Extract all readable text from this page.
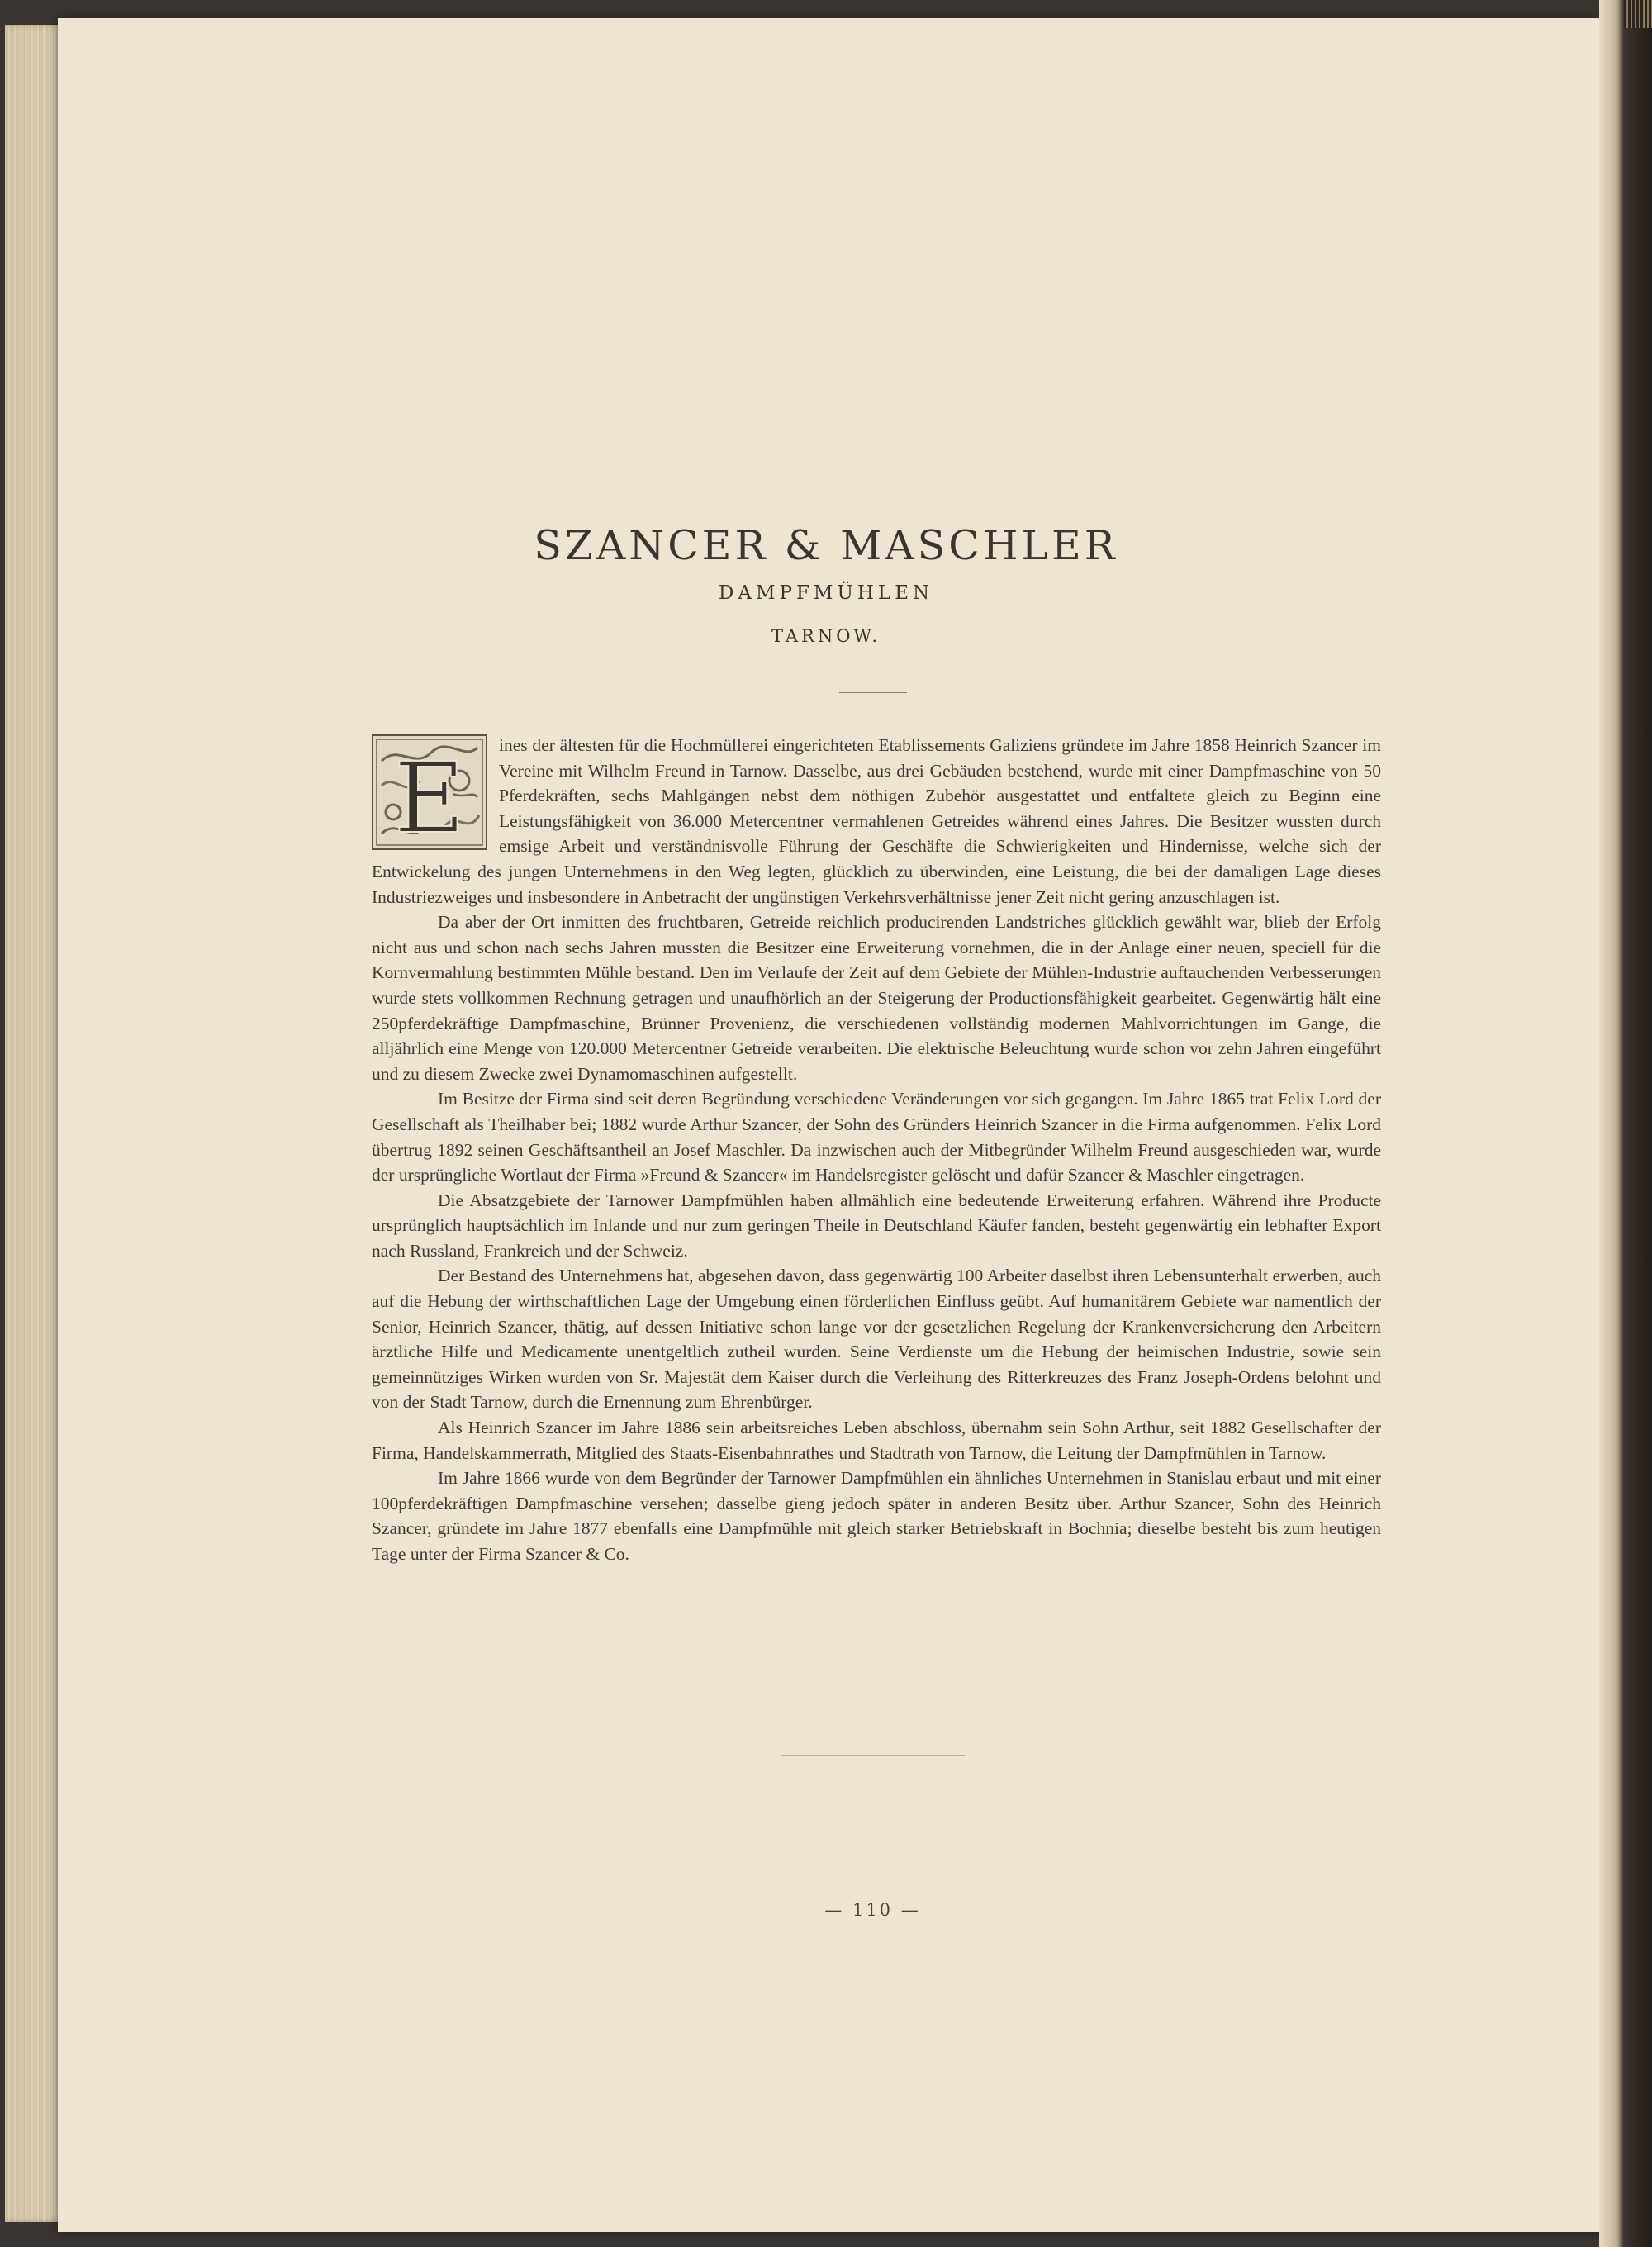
SZANCER & MASCHLER
DAMPFMÜHLEN
TARNOW.

E ines der ältesten für die Hochmüllerei eingerichteten Etablissements Galiziens gründete im Jahre 1858 Heinrich Szancer im Vereine mit Wilhelm Freund in Tarnow. Dasselbe, aus drei Gebäuden bestehend, wurde mit einer Dampfmaschine von 50 Pferdekräften, sechs Mahlgängen nebst dem nöthigen Zubehör ausgestattet und entfaltete gleich zu Beginn eine Leistungsfähigkeit von 36.000 Metercentner vermahlenen Getreides während eines Jahres. Die Besitzer wussten durch emsige Arbeit und verständnisvolle Führung der Geschäfte die Schwierigkeiten und Hindernisse, welche sich der Entwickelung des jungen Unternehmens in den Weg legten, glücklich zu überwinden, eine Leistung, die bei der damaligen Lage dieses Industriezweiges und insbesondere in Anbetracht der ungünstigen Verkehrsverhältnisse jener Zeit nicht gering anzuschlagen ist.

Da aber der Ort inmitten des fruchtbaren, Getreide reichlich producirenden Landstriches glücklich gewählt war, blieb der Erfolg nicht aus und schon nach sechs Jahren mussten die Besitzer eine Erweiterung vornehmen, die in der Anlage einer neuen, speciell für die Kornvermahlung bestimmten Mühle bestand. Den im Verlaufe der Zeit auf dem Gebiete der Mühlen-Industrie auftauchenden Verbesserungen wurde stets vollkommen Rechnung getragen und unaufhörlich an der Steigerung der Productionsfähigkeit gearbeitet. Gegenwärtig hält eine 250pferdekräftige Dampfmaschine, Brünner Provenienz, die verschiedenen vollständig modernen Mahlvorrichtungen im Gange, die alljährlich eine Menge von 120.000 Metercentner Getreide verarbeiten. Die elektrische Beleuchtung wurde schon vor zehn Jahren eingeführt und zu diesem Zwecke zwei Dynamomaschinen aufgestellt.

Im Besitze der Firma sind seit deren Begründung verschiedene Veränderungen vor sich gegangen. Im Jahre 1865 trat Felix Lord der Gesellschaft als Theilhaber bei; 1882 wurde Arthur Szancer, der Sohn des Gründers Heinrich Szancer in die Firma aufgenommen. Felix Lord übertrug 1892 seinen Geschäftsantheil an Josef Maschler. Da inzwischen auch der Mitbegründer Wilhelm Freund ausgeschieden war, wurde der ursprüngliche Wortlaut der Firma »Freund & Szancer« im Handelsregister gelöscht und dafür Szancer & Maschler eingetragen.

Die Absatzgebiete der Tarnower Dampfmühlen haben allmählich eine bedeutende Erweiterung erfahren. Während ihre Producte ursprünglich hauptsächlich im Inlande und nur zum geringen Theile in Deutschland Käufer fanden, besteht gegenwärtig ein lebhafter Export nach Russland, Frankreich und der Schweiz.

Der Bestand des Unternehmens hat, abgesehen davon, dass gegenwärtig 100 Arbeiter daselbst ihren Lebensunterhalt erwerben, auch auf die Hebung der wirthschaftlichen Lage der Umgebung einen förderlichen Einfluss geübt. Auf humanitärem Gebiete war namentlich der Senior, Heinrich Szancer, thätig, auf dessen Initiative schon lange vor der gesetzlichen Regelung der Krankenversicherung den Arbeitern ärztliche Hilfe und Medicamente unentgeltlich zutheil wurden. Seine Verdienste um die Hebung der heimischen Industrie, sowie sein gemeinnütziges Wirken wurden von Sr. Majestät dem Kaiser durch die Verleihung des Ritterkreuzes des Franz Joseph-Ordens belohnt und von der Stadt Tarnow, durch die Ernennung zum Ehrenbürger.

Als Heinrich Szancer im Jahre 1886 sein arbeitsreiches Leben abschloss, übernahm sein Sohn Arthur, seit 1882 Gesellschafter der Firma, Handelskammerrath, Mitglied des Staats-Eisenbahnrathes und Stadtrath von Tarnow, die Leitung der Dampfmühlen in Tarnow.

Im Jahre 1866 wurde von dem Begründer der Tarnower Dampfmühlen ein ähnliches Unternehmen in Stanislau erbaut und mit einer 100pferdekräftigen Dampfmaschine versehen; dasselbe gieng jedoch später in anderen Besitz über. Arthur Szancer, Sohn des Heinrich Szancer, gründete im Jahre 1877 ebenfalls eine Dampfmühle mit gleich starker Betriebskraft in Bochnia; dieselbe besteht bis zum heutigen Tage unter der Firma Szancer & Co.

— 110 —
